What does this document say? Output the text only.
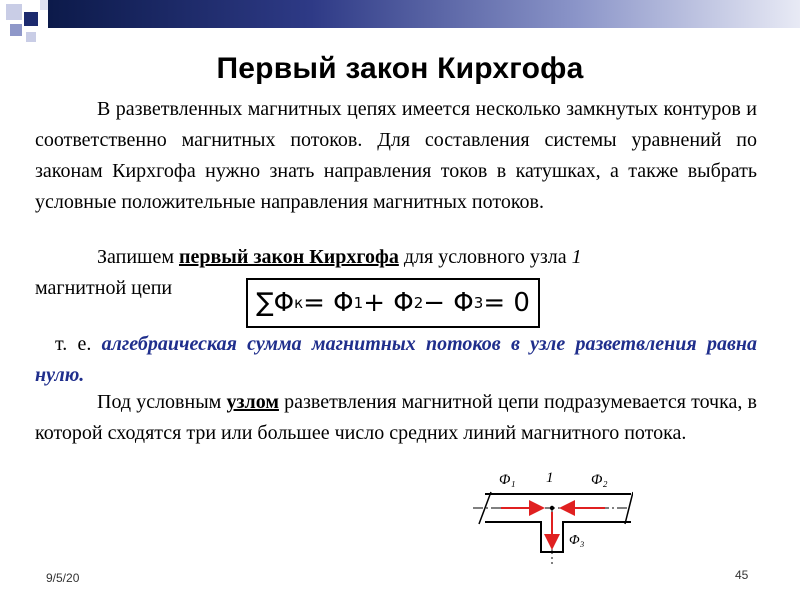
Первый закон Кирхгофа
В разветвленных магнитных цепях имеется несколько замкнутых контуров и соответственно магнитных потоков. Для составления системы уравнений по законам Кирхгофа нужно знать направления токов в катушках, а также выбрать условные положительные направления магнитных потоков.
Запишем первый закон Кирхгофа для условного узла 1
магнитной цепи	∑Φ к = Φ 1 + Φ 2 − Φ 3 = 0
т. е. алгебраическая сумма магнитных потоков в узле разветвления равна нулю.
Под условным узлом разветвления магнитной цепи подразумевается точка, в которой сходятся три или большее число средних линий магнитного потока.
Φ₁ 1	Φ₂
Φ₃
9/5/20	45
